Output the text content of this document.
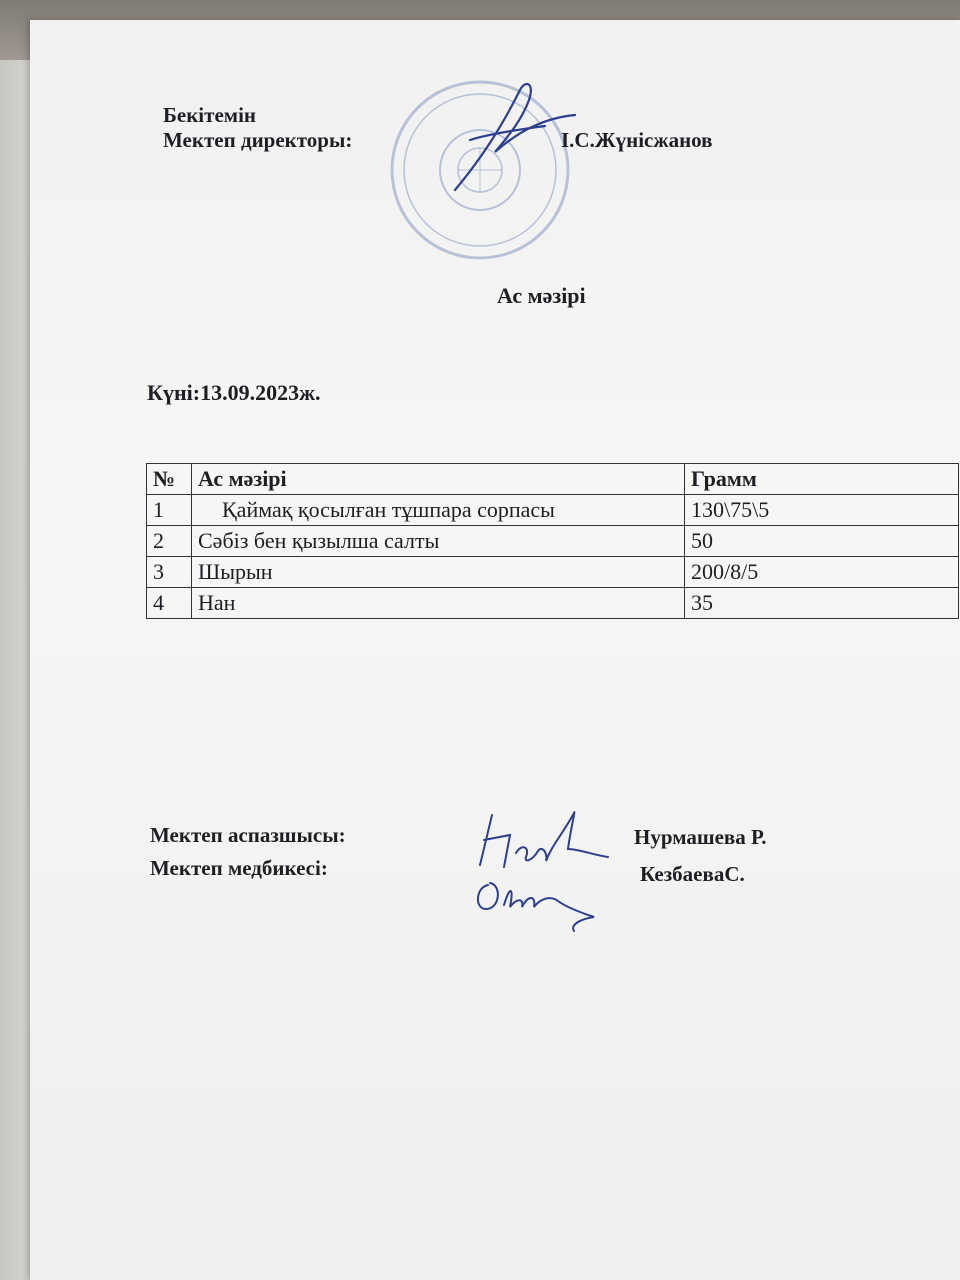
Бекітемін
Мектеп директоры:	І.С.Жүнісжанов
Ас мәзірі
Күні:13.09.2023ж.
№	Ас мәзірі	Грамм
1	Қаймақ қосылған тұшпара сорпасы	130\75\5
2	Сәбіз бен қызылша салты	50
3	Шырын	200/8/5
4	Нан	35
Мектеп аспазшысы:	Нурмашева Р.
Мектеп медбикесі:	КезбаеваС.
